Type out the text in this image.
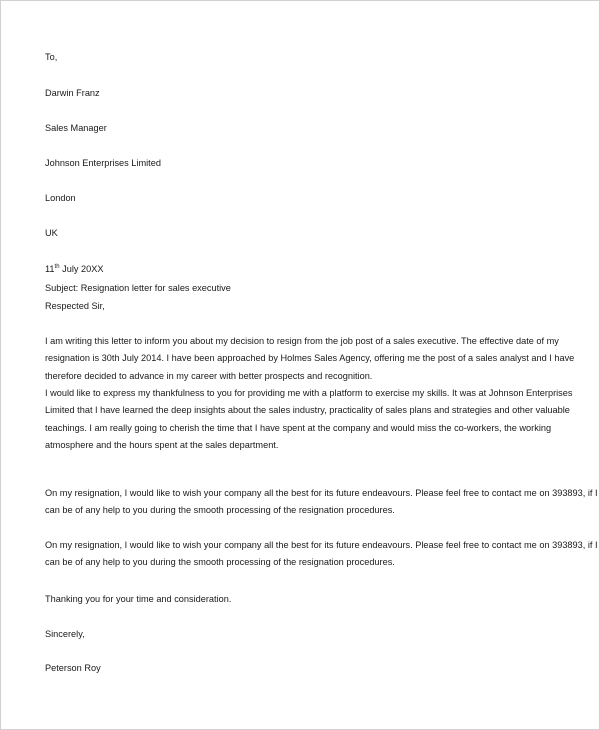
To,
Darwin Franz
Sales Manager
Johnson Enterprises Limited
London
UK
11th July 20XX
Subject: Resignation letter for sales executive
Respected Sir,
I am writing this letter to inform you about my decision to resign from the job post of a sales executive. The effective date of my
resignation is 30th July 2014. I have been approached by Holmes Sales Agency, offering me the post of a sales analyst and I have
therefore decided to advance in my career with better prospects and recognition.
I would like to express my thankfulness to you for providing me with a platform to exercise my skills. It was at Johnson Enterprises
Limited that I have learned the deep insights about the sales industry, practicality of sales plans and strategies and other valuable
teachings. I am really going to cherish the time that I have spent at the company and would miss the co-workers, the working
atmosphere and the hours spent at the sales department.
On my resignation, I would like to wish your company all the best for its future endeavours. Please feel free to contact me on 393893, if I
can be of any help to you during the smooth processing of the resignation procedures.
On my resignation, I would like to wish your company all the best for its future endeavours. Please feel free to contact me on 393893, if I
can be of any help to you during the smooth processing of the resignation procedures.
Thanking you for your time and consideration.
Sincerely,
Peterson Roy
